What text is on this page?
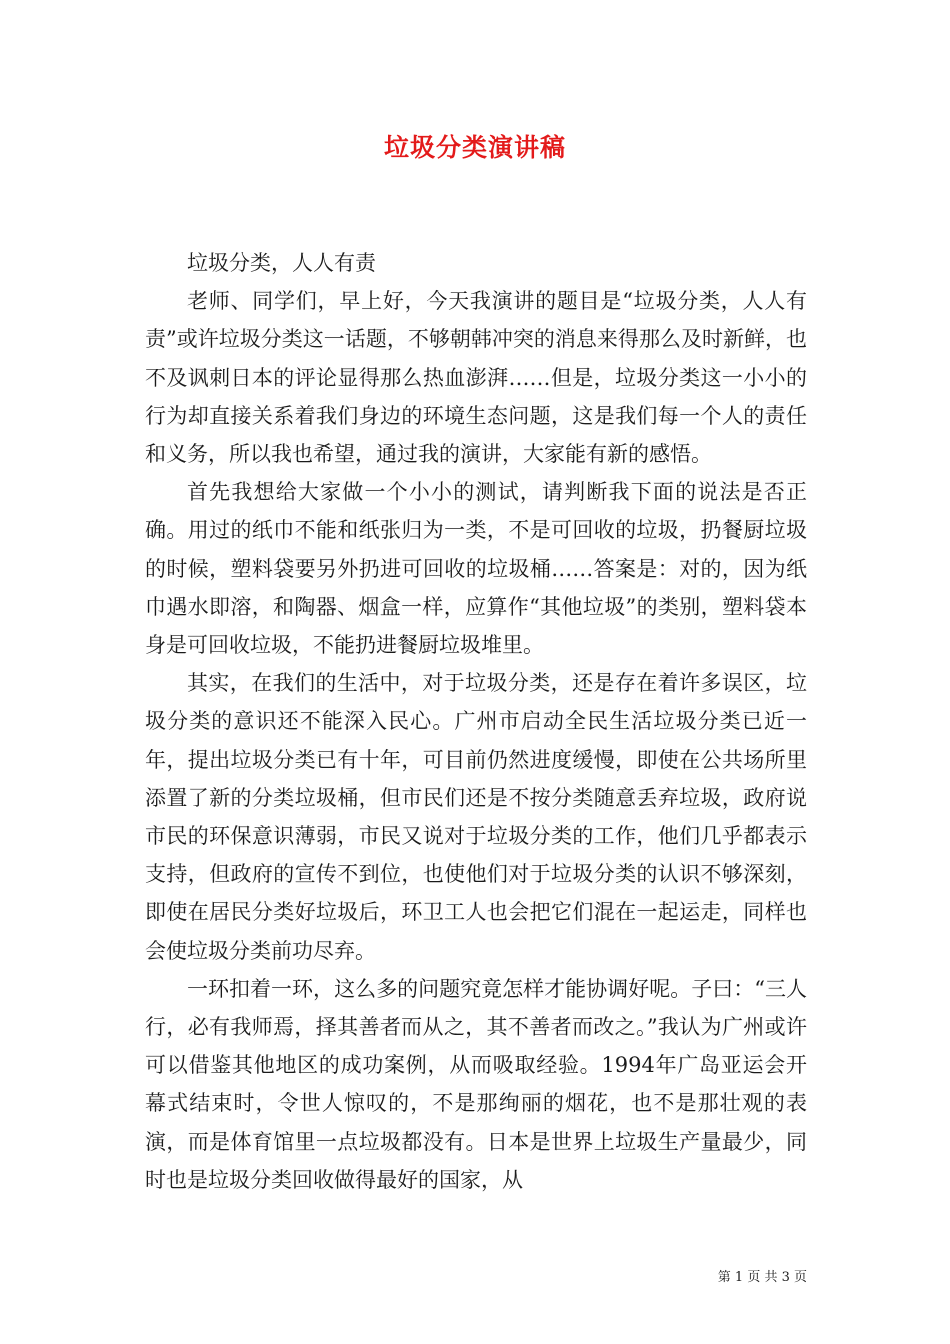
垃圾分类演讲稿

垃圾分类，人人有责

老师、同学们，早上好，今天我演讲的题目是“垃圾分类，人人有责”或许垃圾分类这一话题，不够朝韩冲突的消息来得那么及时新鲜，也不及讽刺日本的评论显得那么热血澎湃……但是，垃圾分类这一小小的行为却直接关系着我们身边的环境生态问题，这是我们每一个人的责任和义务，所以我也希望，通过我的演讲，大家能有新的感悟。

首先我想给大家做一个小小的测试，请判断我下面的说法是否正确。用过的纸巾不能和纸张归为一类，不是可回收的垃圾，扔餐厨垃圾的时候，塑料袋要另外扔进可回收的垃圾桶……答案是：对的，因为纸巾遇水即溶，和陶器、烟盒一样，应算作“其他垃圾”的类别，塑料袋本身是可回收垃圾，不能扔进餐厨垃圾堆里。

其实，在我们的生活中，对于垃圾分类，还是存在着许多误区，垃圾分类的意识还不能深入民心。广州市启动全民生活垃圾分类已近一年，提出垃圾分类已有十年，可目前仍然进度缓慢，即使在公共场所里添置了新的分类垃圾桶，但市民们还是不按分类随意丢弃垃圾，政府说市民的环保意识薄弱，市民又说对于垃圾分类的工作，他们几乎都表示支持，但政府的宣传不到位，也使他们对于垃圾分类的认识不够深刻，即使在居民分类好垃圾后，环卫工人也会把它们混在一起运走，同样也会使垃圾分类前功尽弃。

一环扣着一环，这么多的问题究竟怎样才能协调好呢。子曰：“三人行，必有我师焉，择其善者而从之，其不善者而改之。”我认为广州或许可以借鉴其他地区的成功案例，从而吸取经验。1994年广岛亚运会开幕式结束时，令世人惊叹的，不是那绚丽的烟花，也不是那壮观的表演，而是体育馆里一点垃圾都没有。日本是世界上垃圾生产量最少，同时也是垃圾分类回收做得最好的国家，从

第 1 页 共 3 页
